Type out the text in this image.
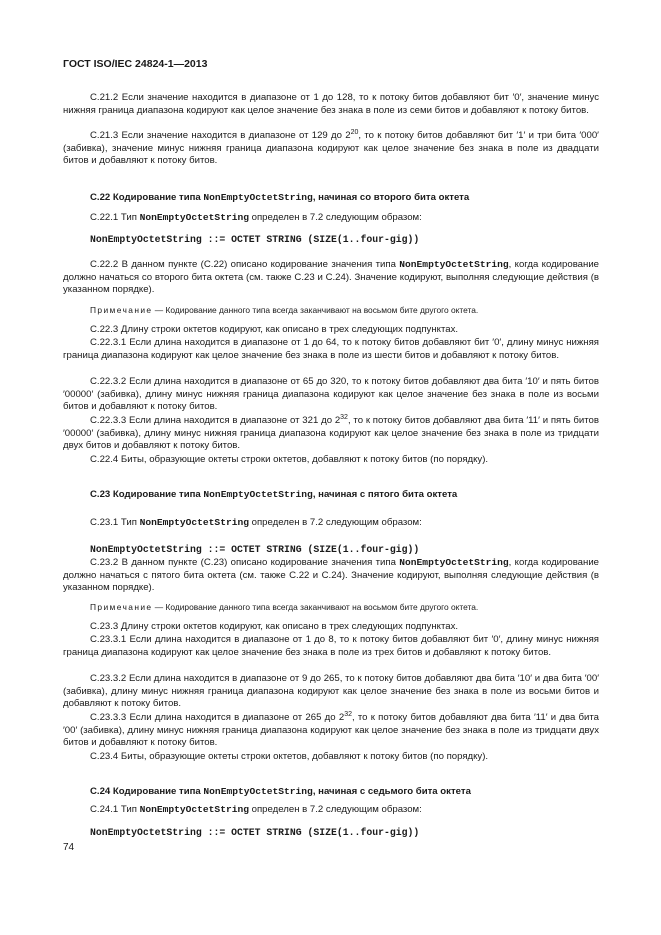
ГОСТ ISO/IEC 24824-1—2013

С.21.2 Если значение находится в диапазоне от 1 до 128, то к потоку битов добавляют бит ′0′, значение минус нижняя граница диапазона кодируют как целое значение без знака в поле из семи битов и добавляют к потоку битов.

С.21.3 Если значение находится в диапазоне от 129 до $2^{20}$, то к потоку битов добавляют бит ′1′ и три бита ′000′ (забивка), значение минус нижняя граница диапазона кодируют как целое значение без знака в поле из двадцати битов и добавляют к потоку битов.

С.22 Кодирование типа NonEmptyOctetString, начиная со второго бита октета

С.22.1 Тип NonEmptyOctetString определен в 7.2 следующим образом:

NonEmptyOctetString ::= OCTET STRING (SIZE(1..four-gig))

С.22.2 В данном пункте (С.22) описано кодирование значения типа NonEmptyOctetString, когда кодирование должно начаться со второго бита октета (см. также С.23 и С.24). Значение кодируют, выполняя следующие действия (в указанном порядке).

Примечание — Кодирование данного типа всегда заканчивают на восьмом бите другого октета.

С.22.3 Длину строки октетов кодируют, как описано в трех следующих подпунктах.

С.22.3.1 Если длина находится в диапазоне от 1 до 64, то к потоку битов добавляют бит ′0′, длину минус нижняя граница диапазона кодируют как целое значение без знака в поле из шести битов и добавляют к потоку битов.

С.22.3.2 Если длина находится в диапазоне от 65 до 320, то к потоку битов добавляют два бита ′10′ и пять битов ′00000′ (забивка), длину минус нижняя граница диапазона кодируют как целое значение без знака в поле из восьми битов и добавляют к потоку битов.

С.22.3.3 Если длина находится в диапазоне от 321 до $2^{32}$, то к потоку битов добавляют два бита ′11′ и пять битов ′00000′ (забивка), длину минус нижняя граница диапазона кодируют как целое значение без знака в поле из тридцати двух битов и добавляют к потоку битов.

С.22.4 Биты, образующие октеты строки октетов, добавляют к потоку битов (по порядку).

С.23 Кодирование типа NonEmptyOctetString, начиная с пятого бита октета

С.23.1 Тип NonEmptyOctetString определен в 7.2 следующим образом:

NonEmptyOctetString ::= OCTET STRING (SIZE(1..four-gig))

С.23.2 В данном пункте (С.23) описано кодирование значения типа NonEmptyOctetString, когда кодирование должно начаться с пятого бита октета (см. также С.22 и С.24). Значение кодируют, выполняя следующие действия (в указанном порядке).

Примечание — Кодирование данного типа всегда заканчивают на восьмом бите другого октета.

С.23.3 Длину строки октетов кодируют, как описано в трех следующих подпунктах.

С.23.3.1 Если длина находится в диапазоне от 1 до 8, то к потоку битов добавляют бит ′0′, длину минус нижняя граница диапазона кодируют как целое значение без знака в поле из трех битов и добавляют к потоку битов.

С.23.3.2 Если длина находится в диапазоне от 9 до 265, то к потоку битов добавляют два бита ′10′ и два бита ′00′ (забивка), длину минус нижняя граница диапазона кодируют как целое значение без знака в поле из восьми битов и добавляют к потоку битов.

С.23.3.3 Если длина находится в диапазоне от 265 до $2^{32}$, то к потоку битов добавляют два бита ′11′ и два бита ′00′ (забивка), длину минус нижняя граница диапазона кодируют как целое значение без знака в поле из тридцати двух битов и добавляют к потоку битов.

С.23.4 Биты, образующие октеты строки октетов, добавляют к потоку битов (по порядку).

С.24 Кодирование типа NonEmptyOctetString, начиная с седьмого бита октета

С.24.1 Тип NonEmptyOctetString определен в 7.2 следующим образом:

NonEmptyOctetString ::= OCTET STRING (SIZE(1..four-gig))

74
